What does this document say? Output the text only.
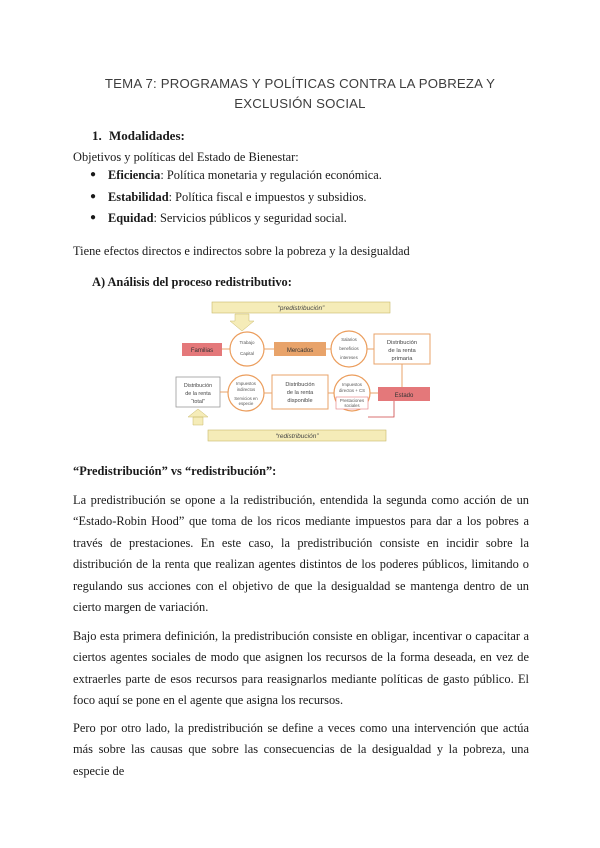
TEMA 7: PROGRAMAS Y POLÍTICAS CONTRA LA POBREZA Y
EXCLUSIÓN SOCIAL
1. Modalidades:
Objetivos y políticas del Estado de Bienestar:
● Eficiencia: Política monetaria y regulación económica.
● Estabilidad: Política fiscal e impuestos y subsidios.
● Equidad: Servicios públicos y seguridad social.
Tiene efectos directos e indirectos sobre la pobreza y la desigualdad
A) Análisis del proceso redistributivo:
“predistribución”
Familias
Trabajo
Capital	Mercados
Salarios
beneficios
intereses
Distribución
de la renta
primaria
Distribución
de la renta
“total”
Impuestos
indirectos
Servicios en
especie
Distribución
de la renta
disponible
Impuestos
directos + CS
Prestaciones
sociales
Estado
“redistribución”
“Predistribución” vs “redistribución”:

La predistribución se opone a la redistribución, entendida la segunda como acción de un “Estado-Robin Hood” que toma de los ricos mediante impuestos para dar a los pobres a través de prestaciones. En este caso, la predistribución consiste en incidir sobre la distribución de la renta que realizan agentes distintos de los poderes públicos, limitando o regulando sus acciones con el objetivo de que la desigualdad se mantenga dentro de un cierto margen de variación.

Bajo esta primera definición, la predistribución consiste en obligar, incentivar o capacitar a ciertos agentes sociales de modo que asignen los recursos de la forma deseada, en vez de extraerles parte de esos recursos para reasignarlos mediante políticas de gasto público. El foco aquí se pone en el agente que asigna los recursos.

Pero por otro lado, la predistribución se define a veces como una intervención que actúa más sobre las causas que sobre las consecuencias de la desigualdad y la pobreza, una especie de
